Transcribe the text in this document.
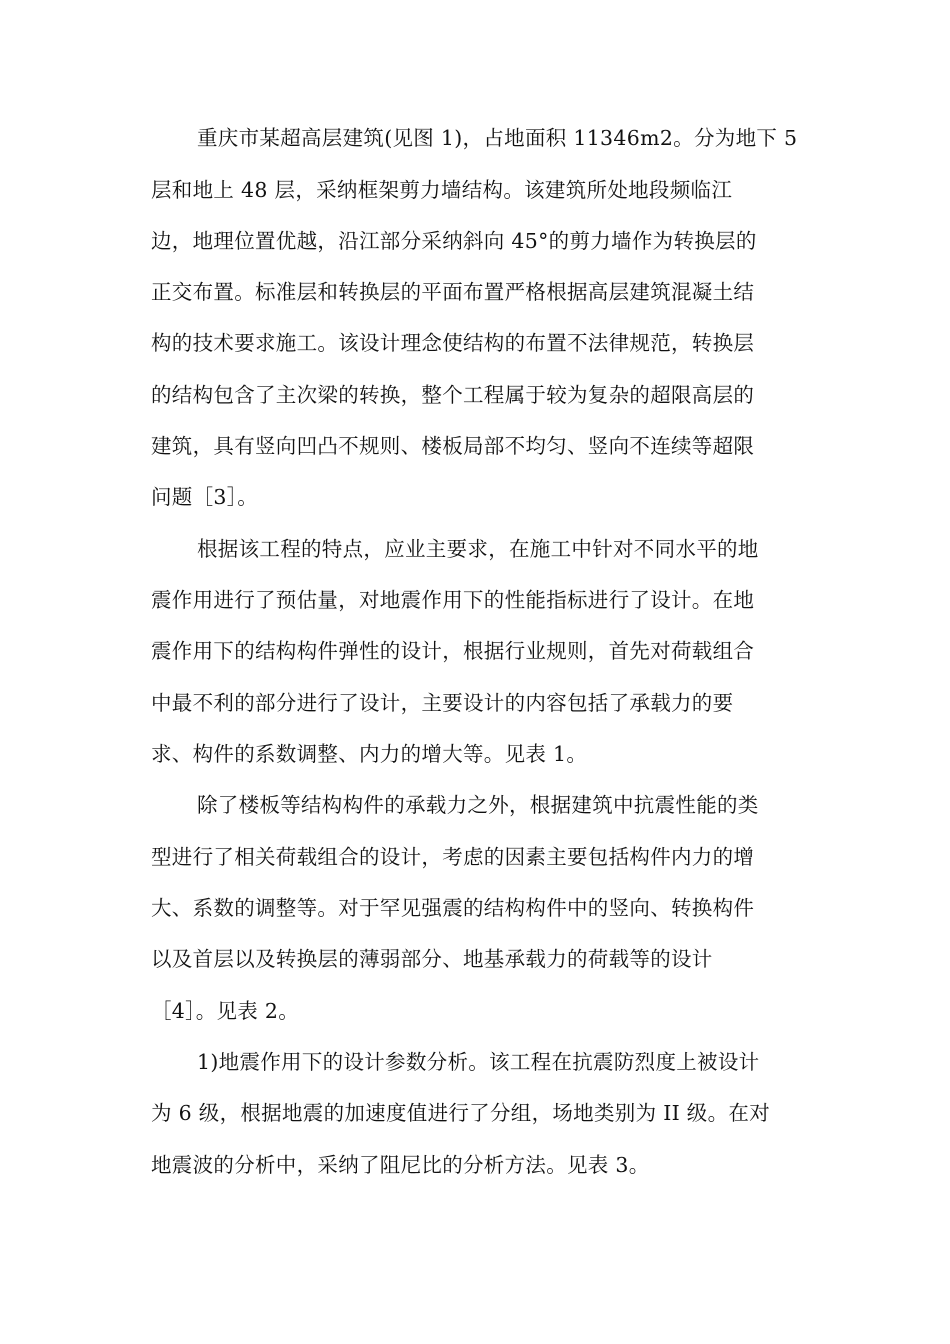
重庆市某超高层建筑(见图 1)，占地面积 11346m2。分为地下 5

层和地上 48 层，采纳框架剪力墙结构。该建筑所处地段频临江

边，地理位置优越，沿江部分采纳斜向 45°的剪力墙作为转换层的

正交布置。标准层和转换层的平面布置严格根据高层建筑混凝土结

构的技术要求施工。该设计理念使结构的布置不法律规范，转换层

的结构包含了主次梁的转换，整个工程属于较为复杂的超限高层的

建筑，具有竖向凹凸不规则、楼板局部不均匀、竖向不连续等超限

问题［3］。

根据该工程的特点，应业主要求，在施工中针对不同水平的地

震作用进行了预估量，对地震作用下的性能指标进行了设计。在地

震作用下的结构构件弹性的设计，根据行业规则，首先对荷载组合

中最不利的部分进行了设计，主要设计的内容包括了承载力的要

求、构件的系数调整、内力的增大等。见表 1。

除了楼板等结构构件的承载力之外，根据建筑中抗震性能的类

型进行了相关荷载组合的设计，考虑的因素主要包括构件内力的增

大、系数的调整等。对于罕见强震的结构构件中的竖向、转换构件

以及首层以及转换层的薄弱部分、地基承载力的荷载等的设计

［4］。见表 2。

1)地震作用下的设计参数分析。该工程在抗震防烈度上被设计

为 6 级，根据地震的加速度值进行了分组，场地类别为 II 级。在对

地震波的分析中，采纳了阻尼比的分析方法。见表 3。
